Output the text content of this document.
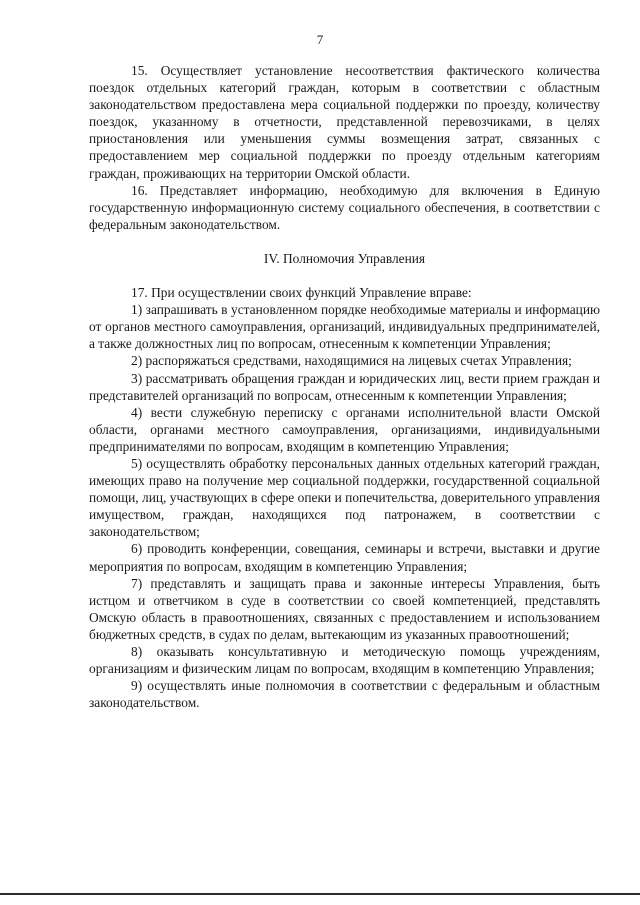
7

15. Осуществляет установление несоответствия фактического количества поездок отдельных категорий граждан, которым в соответствии с областным законодательством предоставлена мера социальной поддержки по проезду, количеству поездок, указанному в отчетности, представленной перевозчиками, в целях приостановления или уменьшения суммы возмещения затрат, связанных с предоставлением мер социальной поддержки по проезду отдельным категориям граждан, проживающих на территории Омской области.

16. Представляет информацию, необходимую для включения в Единую государственную информационную систему социального обеспечения, в соответствии с федеральным законодательством.

IV. Полномочия Управления

17. При осуществлении своих функций Управление вправе:

1) запрашивать в установленном порядке необходимые материалы и информацию от органов местного самоуправления, организаций, индивидуальных предпринимателей, а также должностных лиц по вопросам, отнесенным к компетенции Управления;

2) распоряжаться средствами, находящимися на лицевых счетах Управления;

3) рассматривать обращения граждан и юридических лиц, вести прием граждан и представителей организаций по вопросам, отнесенным к компетенции Управления;

4) вести служебную переписку с органами исполнительной власти Омской области, органами местного самоуправления, организациями, индивидуальными предпринимателями по вопросам, входящим в компетенцию Управления;

5) осуществлять обработку персональных данных отдельных категорий граждан, имеющих право на получение мер социальной поддержки, государственной социальной помощи, лиц, участвующих в сфере опеки и попечительства, доверительного управления имуществом, граждан, находящихся под патронажем, в соответствии с законодательством;

6) проводить конференции, совещания, семинары и встречи, выставки и другие мероприятия по вопросам, входящим в компетенцию Управления;

7) представлять и защищать права и законные интересы Управления, быть истцом и ответчиком в суде в соответствии со своей компетенцией, представлять Омскую область в правоотношениях, связанных с предоставлением и использованием бюджетных средств, в судах по делам, вытекающим из указанных правоотношений;

8) оказывать консультативную и методическую помощь учреждениям, организациям и физическим лицам по вопросам, входящим в компетенцию Управления;

9) осуществлять иные полномочия в соответствии с федеральным и областным законодательством.
